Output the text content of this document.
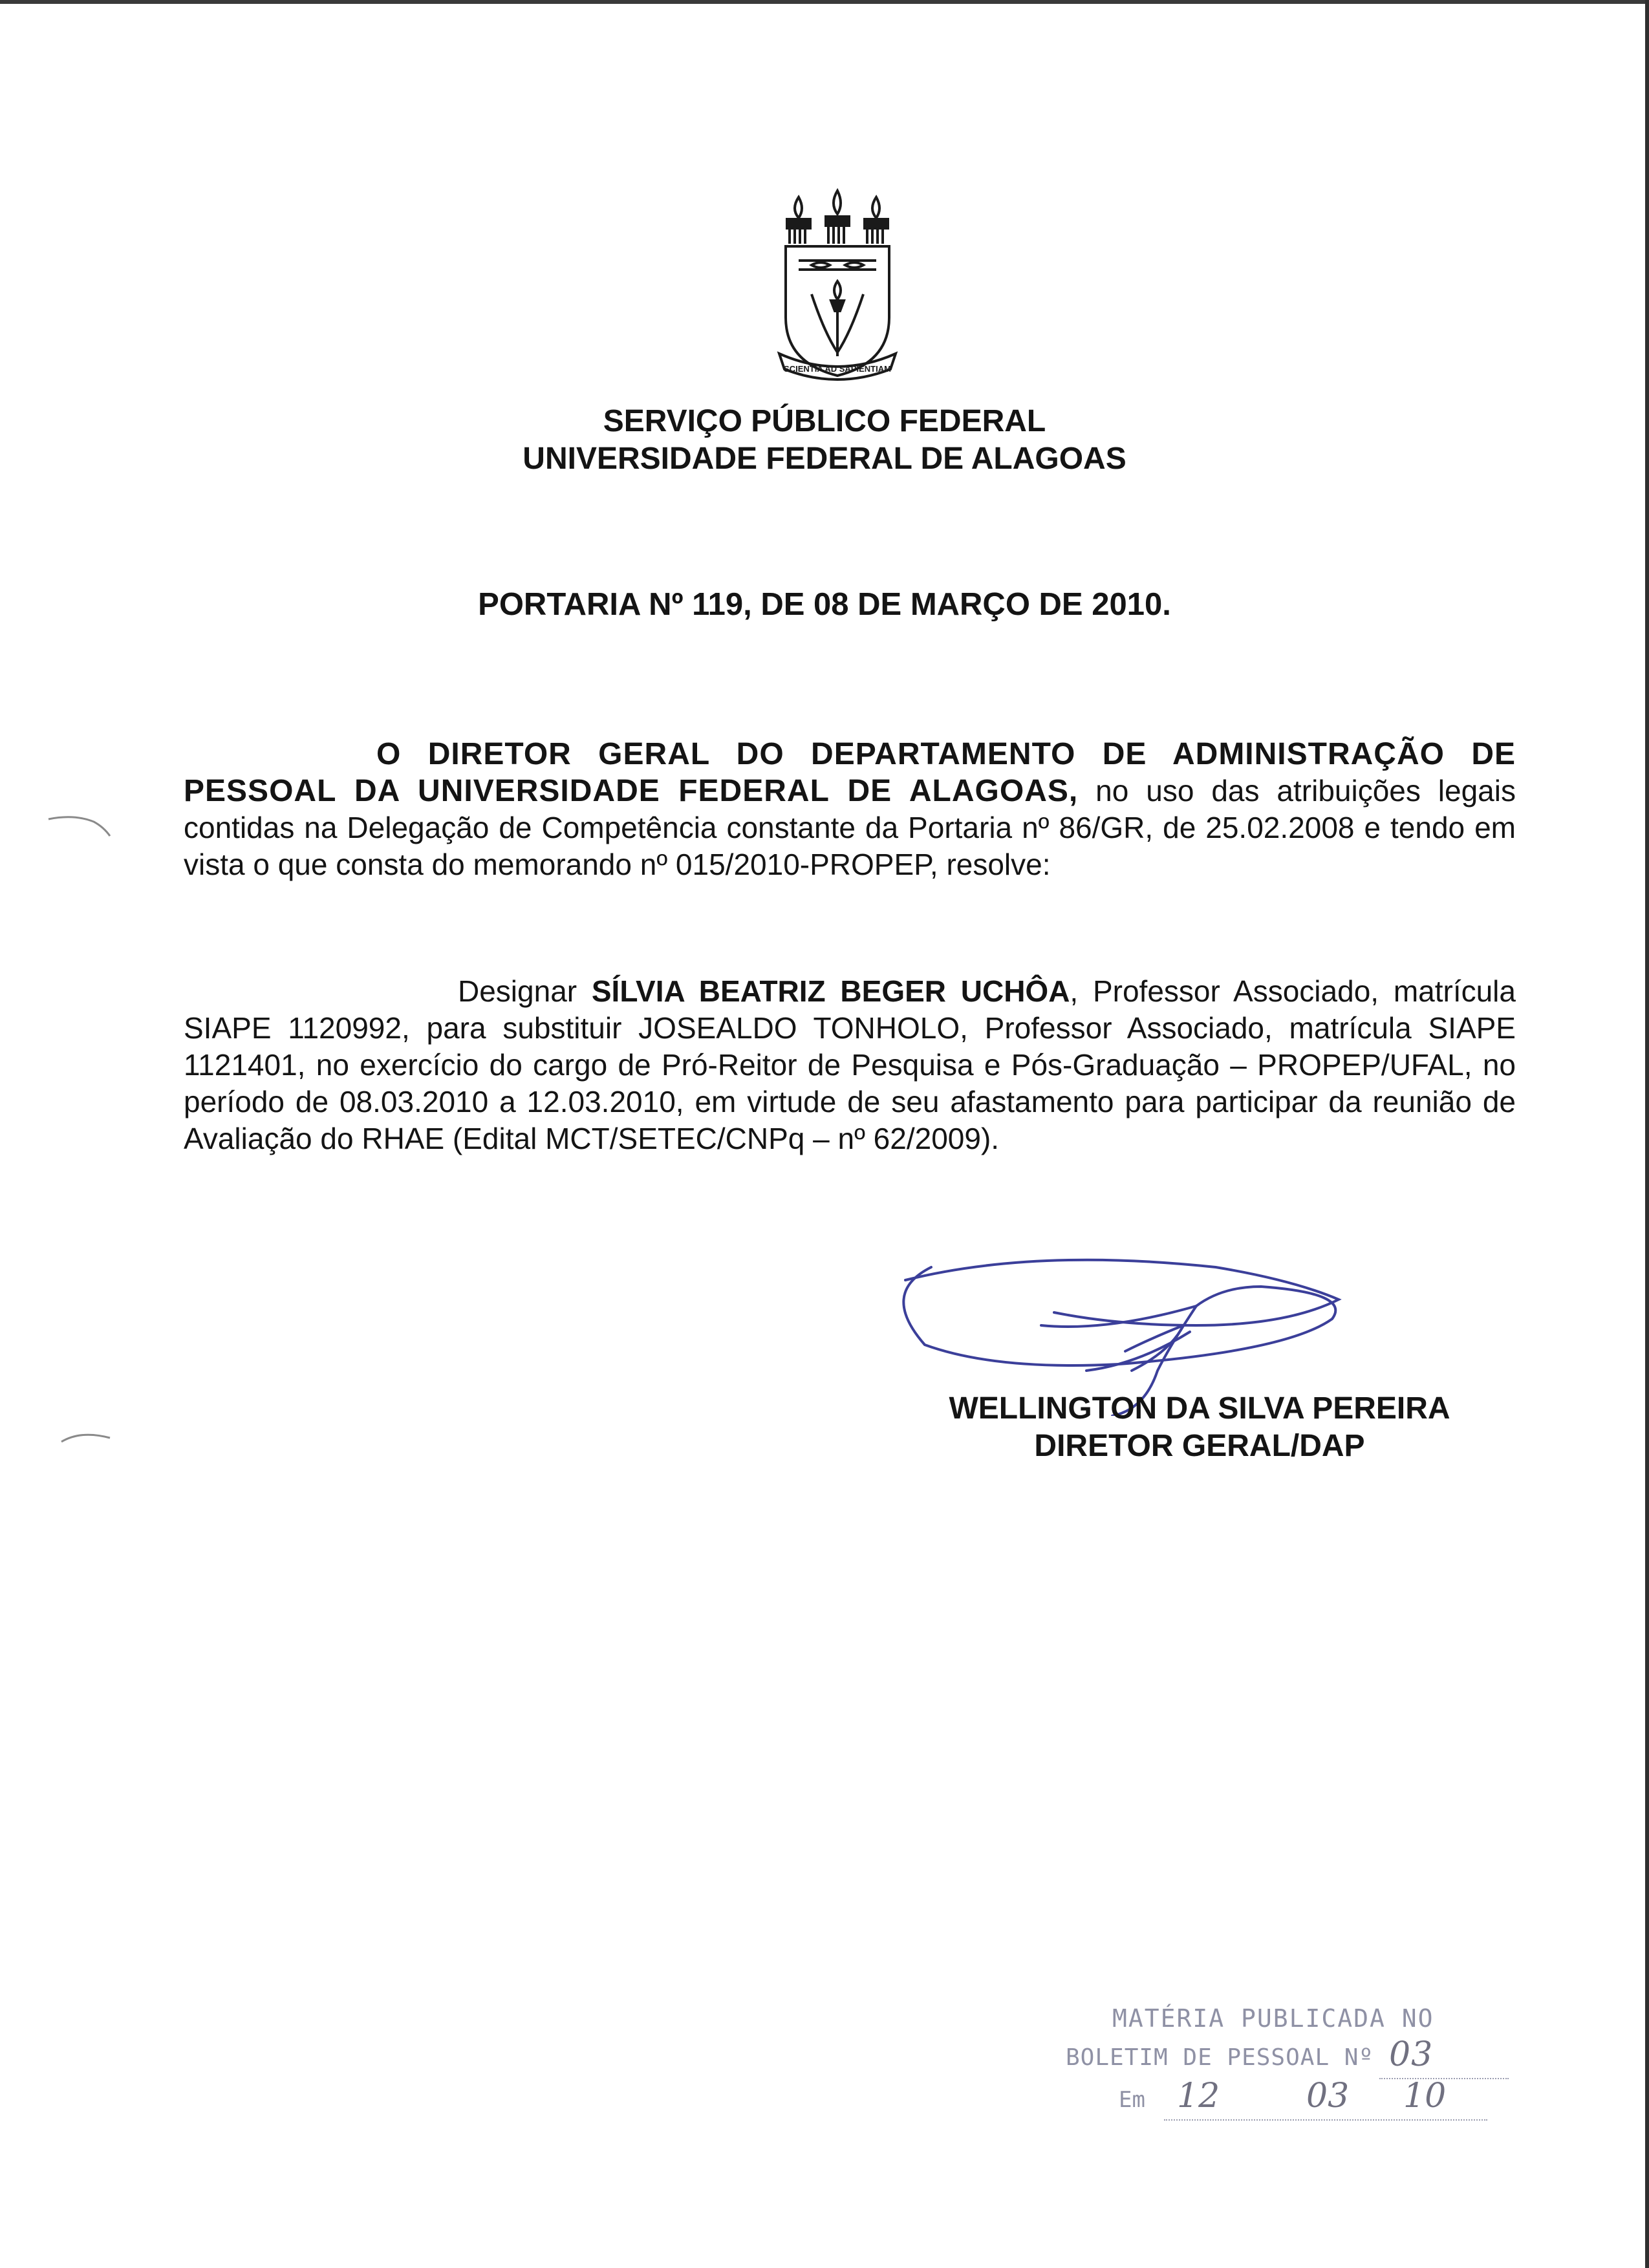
SCIENTIA AD SAPIENTIAM
SERVIÇO PÚBLICO FEDERAL
UNIVERSIDADE FEDERAL DE ALAGOAS
PORTARIA Nº 119, DE 08 DE MARÇO DE 2010.

O DIRETOR GERAL DO DEPARTAMENTO DE ADMINISTRAÇÃO DE PESSOAL DA UNIVERSIDADE FEDERAL DE ALAGOAS, no uso das atribuições legais contidas na Delegação de Competência constante da Portaria nº 86/GR, de 25.02.2008 e tendo em vista o que consta do memorando nº 015/2010-PROPEP, resolve:

Designar SÍLVIA BEATRIZ BEGER UCHÔA, Professor Associado, matrícula SIAPE 1120992, para substituir JOSEALDO TONHOLO, Professor Associado, matrícula SIAPE 1121401, no exercício do cargo de Pró-Reitor de Pesquisa e Pós-Graduação – PROPEP/UFAL, no período de 08.03.2010 a 12.03.2010, em virtude de seu afastamento para participar da reunião de Avaliação do RHAE (Edital MCT/SETEC/CNPq – nº 62/2009).

WELLINGTON DA SILVA PEREIRA
DIRETOR GERAL/DAP
MATÉRIA PUBLICADA NO
BOLETIM DE PESSOAL Nº 03
Em 12	03 10
